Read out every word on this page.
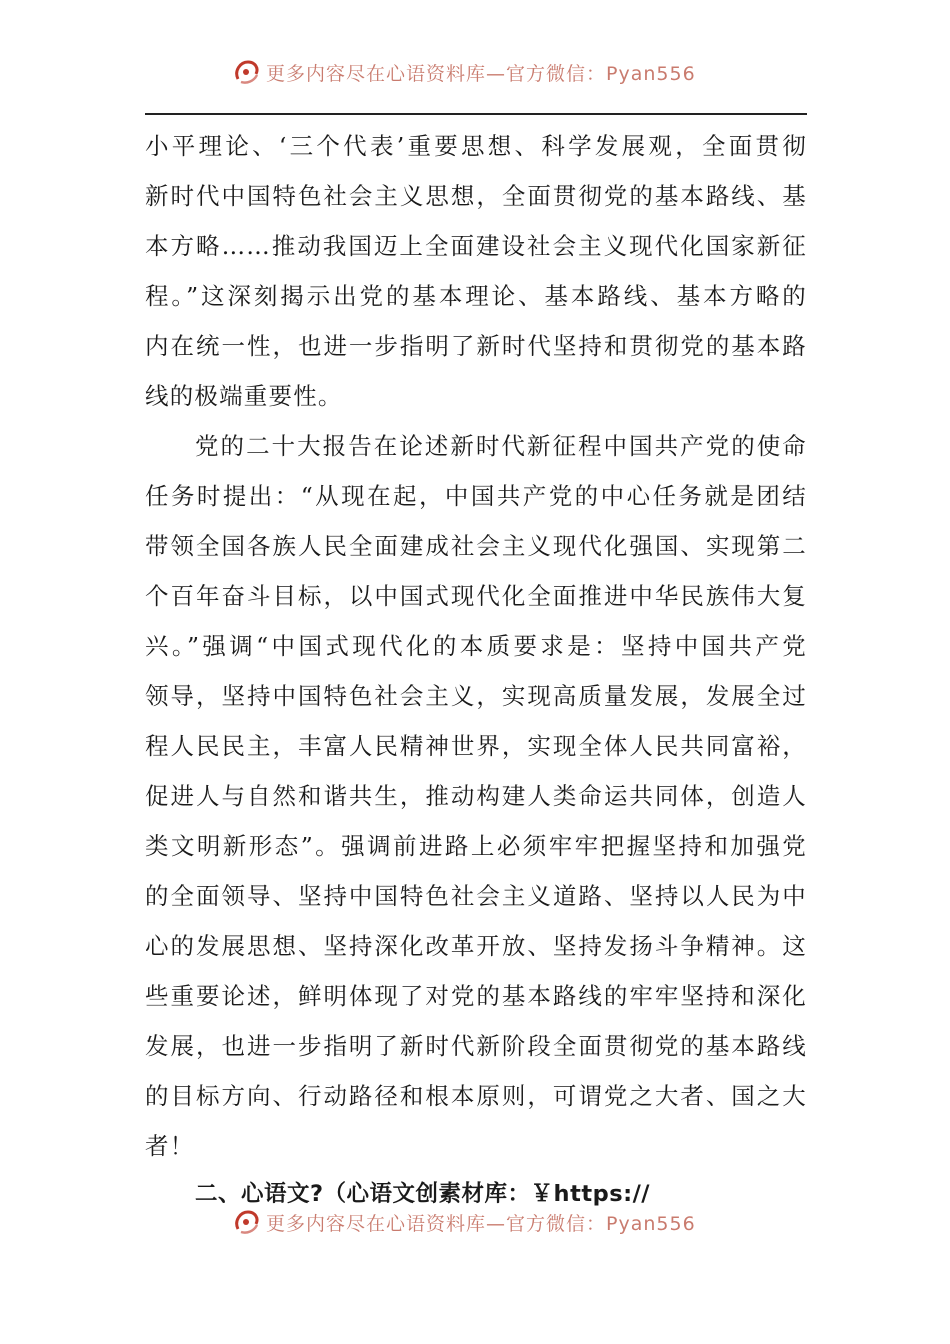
更多内容尽在心语资料库—官方微信：Pyan556
小平理论、‘三个代表’重要思想、科学发展观，全面贯彻
新时代中国特色社会主义思想，全面贯彻党的基本路线、基
本方略……推动我国迈上全面建设社会主义现代化国家新征
程。”这深刻揭示出党的基本理论、基本路线、基本方略的
内在统一性，也进一步指明了新时代坚持和贯彻党的基本路
线的极端重要性。
党的二十大报告在论述新时代新征程中国共产党的使命
任务时提出：“从现在起，中国共产党的中心任务就是团结
带领全国各族人民全面建成社会主义现代化强国、实现第二
个百年奋斗目标，以中国式现代化全面推进中华民族伟大复
兴。”强调“中国式现代化的本质要求是：坚持中国共产党
领导，坚持中国特色社会主义，实现高质量发展，发展全过
程人民民主，丰富人民精神世界，实现全体人民共同富裕，
促进人与自然和谐共生，推动构建人类命运共同体，创造人
类文明新形态”。强调前进路上必须牢牢把握坚持和加强党
的全面领导、坚持中国特色社会主义道路、坚持以人民为中
心的发展思想、坚持深化改革开放、坚持发扬斗争精神。这
些重要论述，鲜明体现了对党的基本路线的牢牢坚持和深化
发展，也进一步指明了新时代新阶段全面贯彻党的基本路线
的目标方向、行动路径和根本原则，可谓党之大者、国之大
者！
二、心语文?（心语文创素材库：￥https://
更多内容尽在心语资料库—官方微信：Pyan556
